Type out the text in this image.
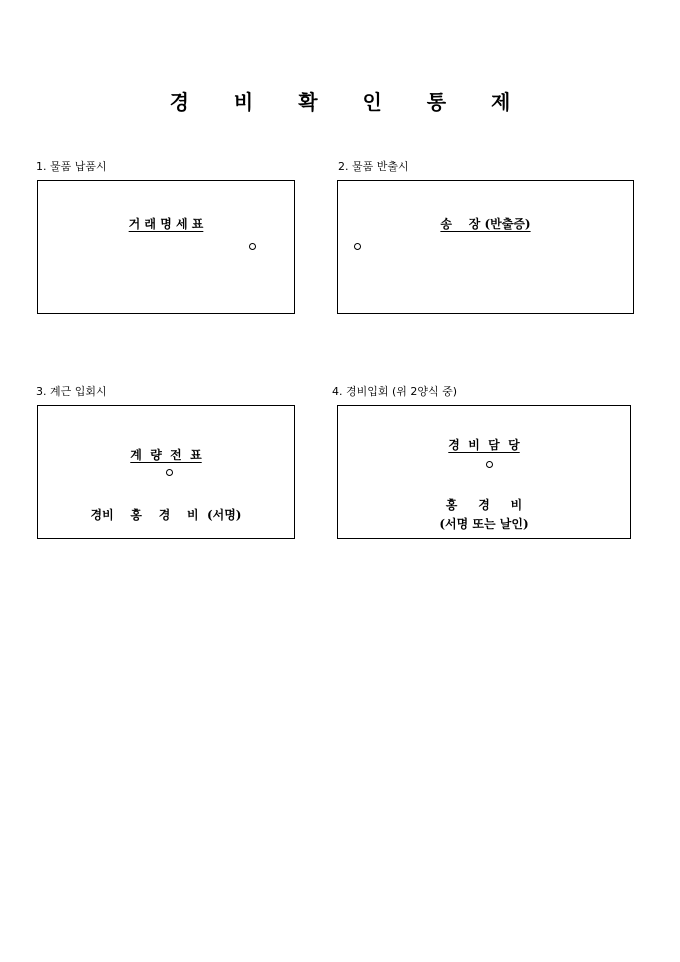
경 비 확 인 통 제
1. 물품 납품시
거 래 명 세 표
2. 물품 반출시
송    장 (반출증)
3. 계근 입회시
계  량  전  표
경비    홍    경    비  (서명)
4. 경비입회 (위 2양식 중)
경  비  담  당
홍     경     비
(서명 또는 날인)
